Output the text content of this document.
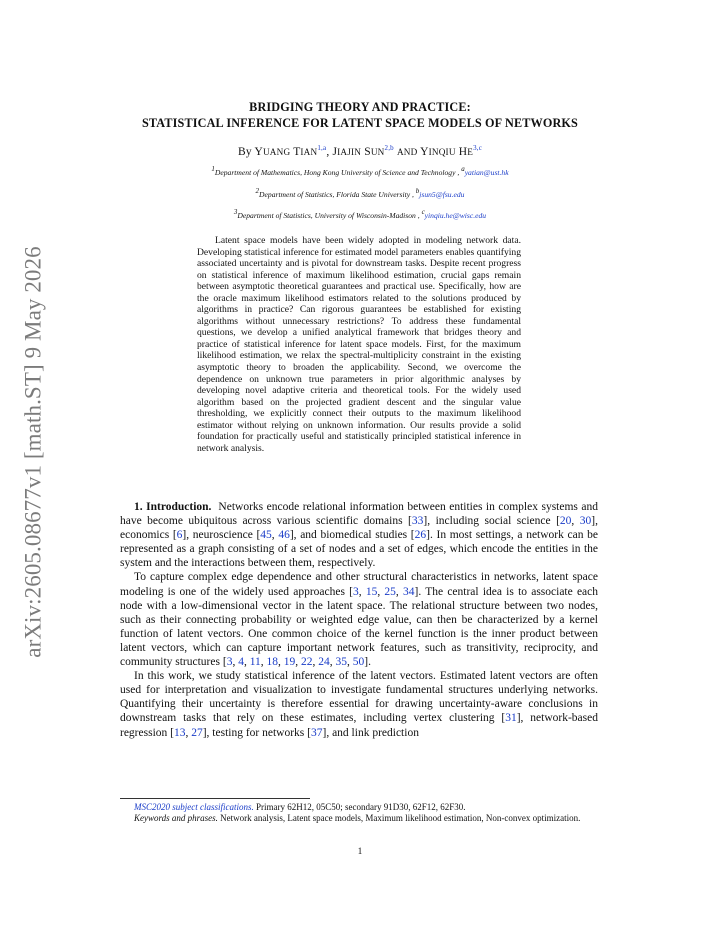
arXiv:2605.08677v1 [math.ST] 9 May 2026
BRIDGING THEORY AND PRACTICE:
STATISTICAL INFERENCE FOR LATENT SPACE MODELS OF NETWORKS
By YUANG TIAN$^{1,a}$, JIAJIN SUN$^{2,b}$ AND YINQIU HE$^{3,c}$
$^1$Department of Mathematics, Hong Kong University of Science and Technology , $^a$yatian@ust.hk
$^2$Department of Statistics, Florida State University , $^b$jsun5@fsu.edu
$^3$Department of Statistics, University of Wisconsin-Madison , $^c$yinqiu.he@wisc.edu

Latent space models have been widely adopted in modeling network data. Developing statistical inference for estimated model parameters enables quantifying associated uncertainty and is pivotal for downstream tasks. Despite recent progress on statistical inference of maximum likelihood estimation, crucial gaps remain between asymptotic theoretical guarantees and practical use. Specifically, how are the oracle maximum likelihood estimators related to the solutions produced by algorithms in practice? Can rigorous guarantees be established for existing algorithms without unnecessary restrictions? To address these fundamental questions, we develop a unified analytical framework that bridges theory and practice of statistical inference for latent space models. First, for the maximum likelihood estimation, we relax the spectral-multiplicity constraint in the existing asymptotic theory to broaden the applicability. Second, we overcome the dependence on unknown true parameters in prior algorithmic analyses by developing novel adaptive criteria and theoretical tools. For the widely used algorithm based on the projected gradient descent and the singular value thresholding, we explicitly connect their outputs to the maximum likelihood estimator without relying on unknown information. Our results provide a solid foundation for practically useful and statistically principled statistical inference in network analysis.

1. Introduction. Networks encode relational information between entities in complex systems and have become ubiquitous across various scientific domains [33], including social science [20, 30], economics [6], neuroscience [45, 46], and biomedical studies [26]. In most settings, a network can be represented as a graph consisting of a set of nodes and a set of edges, which encode the entities in the system and the interactions between them, respectively.

To capture complex edge dependence and other structural characteristics in networks, latent space modeling is one of the widely used approaches [3, 15, 25, 34]. The central idea is to associate each node with a low-dimensional vector in the latent space. The relational structure between two nodes, such as their connecting probability or weighted edge value, can then be characterized by a kernel function of latent vectors. One common choice of the kernel function is the inner product between latent vectors, which can capture important network features, such as transitivity, reciprocity, and community structures [3, 4, 11, 18, 19, 22, 24, 35, 50].

In this work, we study statistical inference of the latent vectors. Estimated latent vectors are often used for interpretation and visualization to investigate fundamental structures underlying networks. Quantifying their uncertainty is therefore essential for drawing uncertainty-aware conclusions in downstream tasks that rely on these estimates, including vertex clustering [31], network-based regression [13, 27], testing for networks [37], and link prediction

MSC2020 subject classifications. Primary 62H12, 05C50; secondary 91D30, 62F12, 62F30.

Keywords and phrases. Network analysis, Latent space models, Maximum likelihood estimation, Non-convex optimization.

1
